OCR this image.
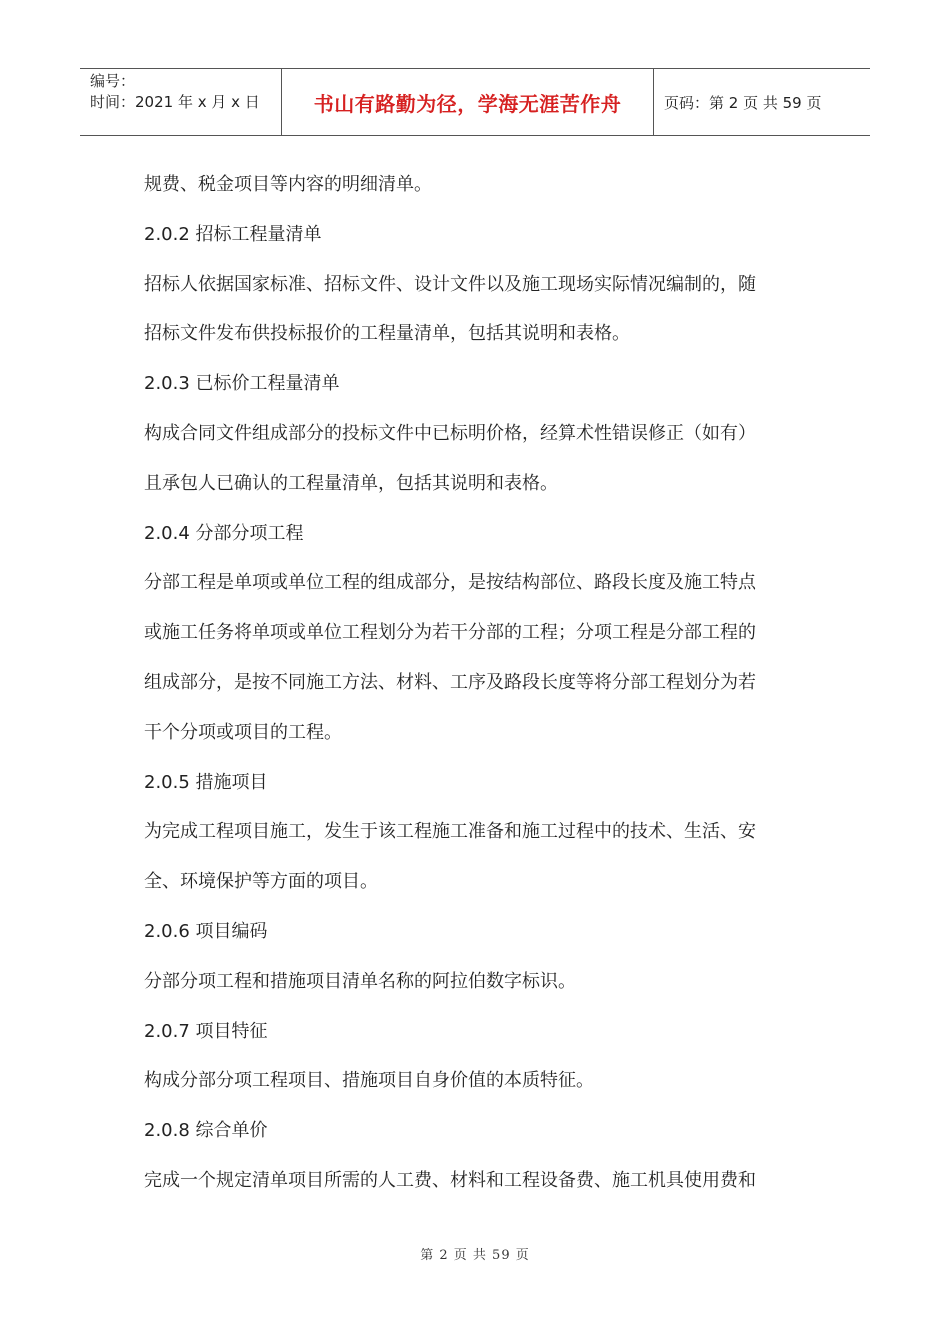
编号：
时间：2021 年 x 月 x 日	书山有路勤为径，学海无涯苦作舟	页码：第 2 页 共 59 页
规费、税金项目等内容的明细清单。
2.0.2 招标工程量清单
招标人依据国家标准、招标文件、设计文件以及施工现场实际情况编制的，随
招标文件发布供投标报价的工程量清单，包括其说明和表格。
2.0.3 已标价工程量清单
构成合同文件组成部分的投标文件中已标明价格，经算术性错误修正（如有）
且承包人已确认的工程量清单，包括其说明和表格。
2.0.4 分部分项工程
分部工程是单项或单位工程的组成部分，是按结构部位、路段长度及施工特点
或施工任务将单项或单位工程划分为若干分部的工程；分项工程是分部工程的
组成部分，是按不同施工方法、材料、工序及路段长度等将分部工程划分为若
干个分项或项目的工程。
2.0.5 措施项目
为完成工程项目施工，发生于该工程施工准备和施工过程中的技术、生活、安
全、环境保护等方面的项目。
2.0.6 项目编码
分部分项工程和措施项目清单名称的阿拉伯数字标识。
2.0.7 项目特征
构成分部分项工程项目、措施项目自身价值的本质特征。
2.0.8 综合单价
完成一个规定清单项目所需的人工费、材料和工程设备费、施工机具使用费和
第 2 页 共 59 页
